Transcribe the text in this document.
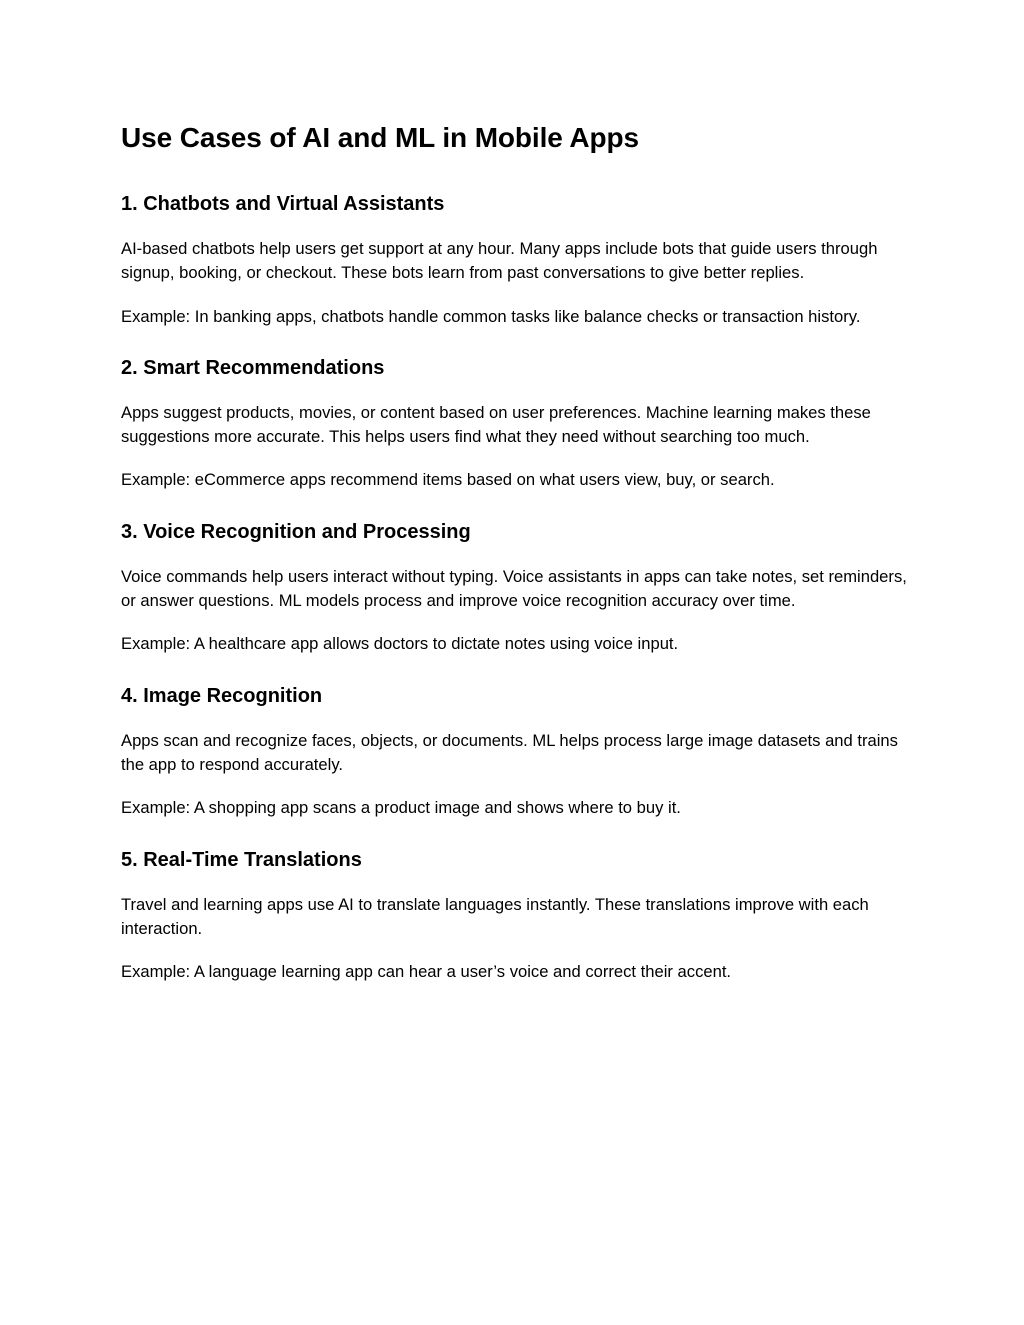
Use Cases of AI and ML in Mobile Apps
1. Chatbots and Virtual Assistants

AI-based chatbots help users get support at any hour. Many apps include bots that guide users through signup, booking, or checkout. These bots learn from past conversations to give better replies.

Example: In banking apps, chatbots handle common tasks like balance checks or transaction history.

2. Smart Recommendations

Apps suggest products, movies, or content based on user preferences. Machine learning makes these suggestions more accurate. This helps users find what they need without searching too much.

Example: eCommerce apps recommend items based on what users view, buy, or search.

3. Voice Recognition and Processing

Voice commands help users interact without typing. Voice assistants in apps can take notes, set reminders, or answer questions. ML models process and improve voice recognition accuracy over time.

Example: A healthcare app allows doctors to dictate notes using voice input.

4. Image Recognition

Apps scan and recognize faces, objects, or documents. ML helps process large image datasets and trains the app to respond accurately.

Example: A shopping app scans a product image and shows where to buy it.

5. Real-Time Translations

Travel and learning apps use AI to translate languages instantly. These translations improve with each interaction.

Example: A language learning app can hear a user’s voice and correct their accent.
